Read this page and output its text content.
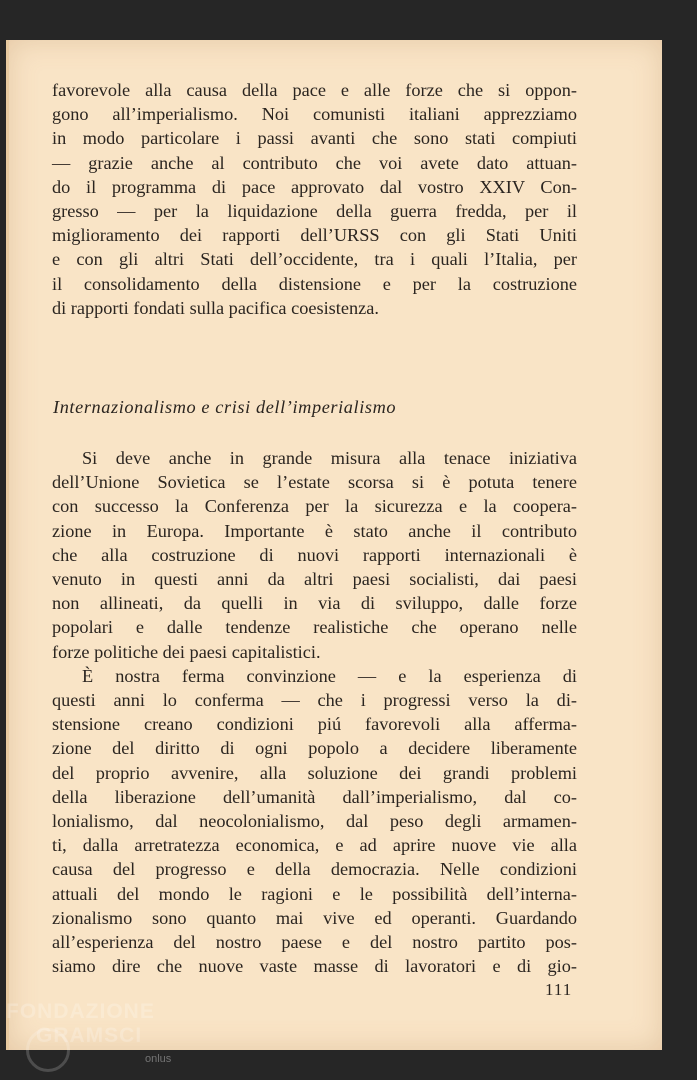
favorevole alla causa della pace e alle forze che si oppon-
gono all’imperialismo. Noi comunisti italiani apprezziamo
in modo particolare i passi avanti che sono stati compiuti
— grazie anche al contributo che voi avete dato attuan-
do il programma di pace approvato dal vostro XXIV Con-
gresso — per la liquidazione della guerra fredda, per il
miglioramento dei rapporti dell’URSS con gli Stati Uniti
e con gli altri Stati dell’occidente, tra i quali l’Italia, per
il consolidamento della distensione e per la costruzione
di rapporti fondati sulla pacifica coesistenza.
Internazionalismo e crisi dell’imperialismo
Si deve anche in grande misura alla tenace iniziativa
dell’Unione Sovietica se l’estate scorsa si è potuta tenere
con successo la Conferenza per la sicurezza e la coopera-
zione in Europa. Importante è stato anche il contributo
che alla costruzione di nuovi rapporti internazionali è
venuto in questi anni da altri paesi socialisti, dai paesi
non allineati, da quelli in via di sviluppo, dalle forze
popolari e dalle tendenze realistiche che operano nelle
forze politiche dei paesi capitalistici.
È nostra ferma convinzione — e la esperienza di
questi anni lo conferma — che i progressi verso la di-
stensione creano condizioni piú favorevoli alla afferma-
zione del diritto di ogni popolo a decidere liberamente
del proprio avvenire, alla soluzione dei grandi problemi
della liberazione dell’umanità dall’imperialismo, dal co-
lonialismo, dal neocolonialismo, dal peso degli armamen-
ti, dalla arretratezza economica, e ad aprire nuove vie alla
causa del progresso e della democrazia. Nelle condizioni
attuali del mondo le ragioni e le possibilità dell’interna-
zionalismo sono quanto mai vive ed operanti. Guardando
all’esperienza del nostro paese e del nostro partito pos-
siamo dire che nuove vaste masse di lavoratori e di gio-
111
FONDAZIONE
GRAMSCI
onlus
